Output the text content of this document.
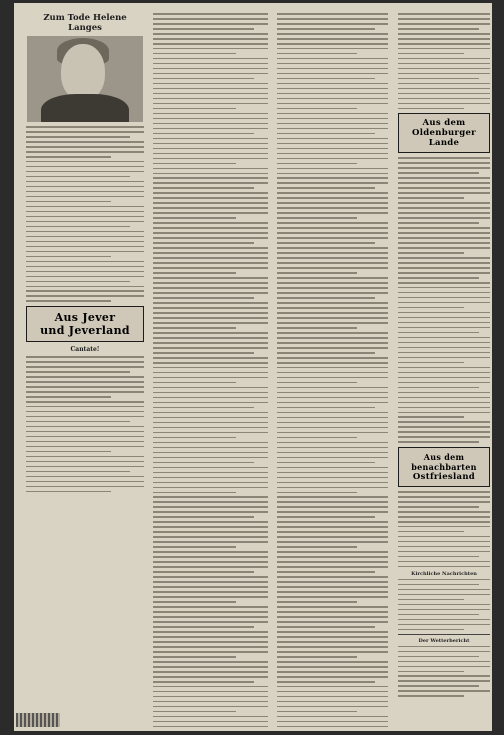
Zum Tode Helene Langes
Aus Jever
und Jeverland
Cantate!
Aus dem Oldenburger
Lande
Aus dem benachbarten
Ostfriesland
Kirchliche Nachrichten
Der Wetterbericht
